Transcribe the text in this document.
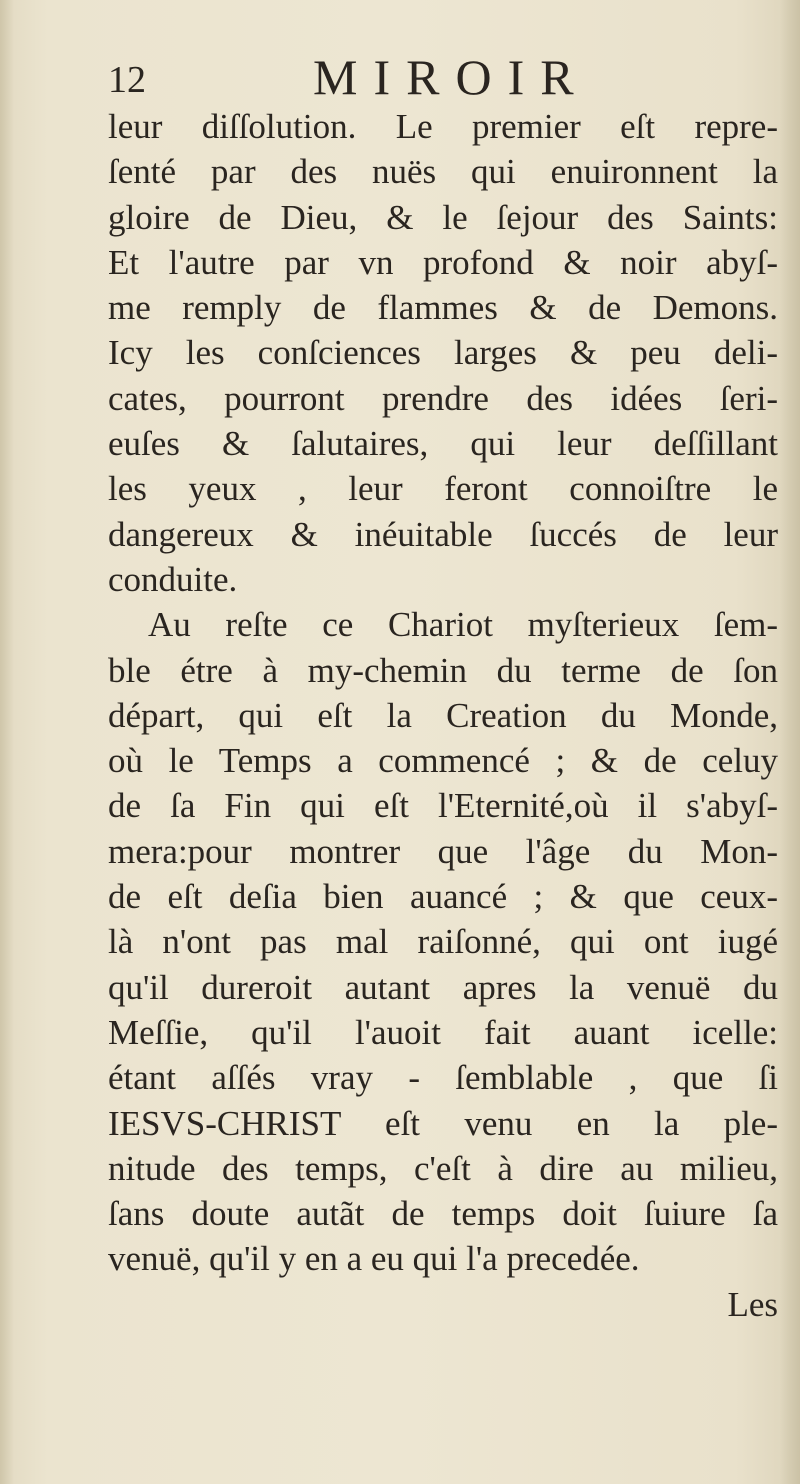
12	MIROIR
leur diſſolution. Le premier eſt repre-
ſenté par des nuës qui enuironnent la
gloire de Dieu, & le ſejour des Saints:
Et l'autre par vn profond & noir abyſ-
me remply de flammes & de Demons.
Icy les conſciences larges & peu deli-
cates, pourront prendre des idées ſeri-
euſes & ſalutaires, qui leur deſſillant
les yeux , leur feront connoiſtre le
dangereux & inéuitable ſuccés de leur
conduite.
Au reſte ce Chariot myſterieux ſem-
ble étre à my-chemin du terme de ſon
départ, qui eſt la Creation du Monde,
où le Temps a commencé ; & de celuy
de ſa Fin qui eſt l'Eternité,où il s'abyſ-
mera:pour montrer que l'âge du Mon-
de eſt deſia bien auancé ; & que ceux-
là n'ont pas mal raiſonné, qui ont iugé
qu'il dureroit autant apres la venuë du
Meſſie, qu'il l'auoit fait auant icelle:
étant aſſés vray - ſemblable , que ſi
IESVS-CHRIST eſt venu en la ple-
nitude des temps, c'eſt à dire au milieu,
ſans doute autãt de temps doit ſuiure ſa
venuë, qu'il y en a eu qui l'a precedée.
Les
